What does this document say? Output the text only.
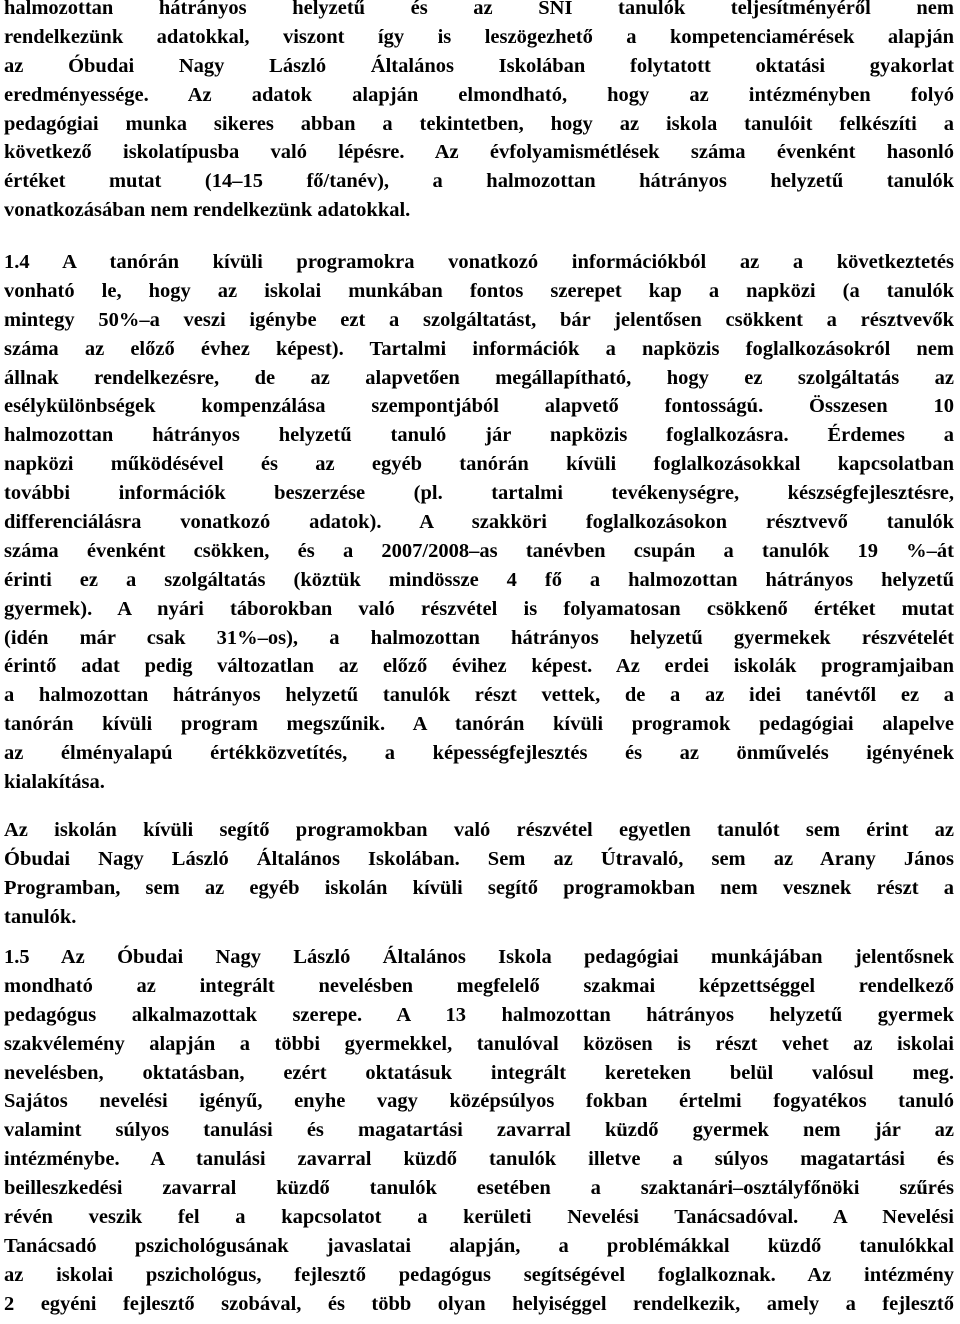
halmozottan hátrányos helyzetű és az SNI tanulók teljesítményéről nem
rendelkezünk adatokkal, viszont így is leszögezhető a kompetenciamérések alapján
az Óbudai Nagy László Általános Iskolában folytatott oktatási gyakorlat
eredményessége. Az adatok alapján elmondható, hogy az intézményben folyó
pedagógiai munka sikeres abban a tekintetben, hogy az iskola tanulóit felkészíti a
következő iskolatípusba való lépésre. Az évfolyamismétlések száma évenként hasonló
értéket mutat (14–15 fő/tanév), a halmozottan hátrányos helyzetű tanulók
vonatkozásában nem rendelkezünk adatokkal.
1.4 A tanórán kívüli programokra vonatkozó információkból az a következtetés
vonható le, hogy az iskolai munkában fontos szerepet kap a napközi (a tanulók
mintegy 50%–a veszi igénybe ezt a szolgáltatást, bár jelentősen csökkent a résztvevők
száma az előző évhez képest). Tartalmi információk a napközis foglalkozásokról nem
állnak rendelkezésre, de az alapvetően megállapítható, hogy ez szolgáltatás az
esélykülönbségek kompenzálása szempontjából alapvető fontosságú. Összesen 10
halmozottan hátrányos helyzetű tanuló jár napközis foglalkozásra. Érdemes a
napközi működésével és az egyéb tanórán kívüli foglalkozásokkal kapcsolatban
további információk beszerzése (pl. tartalmi tevékenységre, készségfejlesztésre,
differenciálásra vonatkozó adatok). A szakköri foglalkozásokon résztvevő tanulók
száma évenként csökken, és a 2007/2008–as tanévben csupán a tanulók 19 %–át
érinti ez a szolgáltatás (köztük mindössze 4 fő a halmozottan hátrányos helyzetű
gyermek). A nyári táborokban való részvétel is folyamatosan csökkenő értéket mutat
(idén már csak 31%–os), a halmozottan hátrányos helyzetű gyermekek részvételét
érintő adat pedig változatlan az előző évihez képest. Az erdei iskolák programjaiban
a halmozottan hátrányos helyzetű tanulók részt vettek, de a az idei tanévtől ez a
tanórán kívüli program megszűnik. A tanórán kívüli programok pedagógiai alapelve
az élményalapú értékközvetítés, a képességfejlesztés és az önművelés igényének
kialakítása.
Az iskolán kívüli segítő programokban való részvétel egyetlen tanulót sem érint az
Óbudai Nagy László Általános Iskolában. Sem az Útravaló, sem az Arany János
Programban, sem az egyéb iskolán kívüli segítő programokban nem vesznek részt a
tanulók.
1.5 Az Óbudai Nagy László Általános Iskola pedagógiai munkájában jelentősnek
mondható az integrált nevelésben megfelelő szakmai képzettséggel rendelkező
pedagógus alkalmazottak szerepe. A 13 halmozottan hátrányos helyzetű gyermek
szakvélemény alapján a többi gyermekkel, tanulóval közösen is részt vehet az iskolai
nevelésben, oktatásban, ezért oktatásuk integrált kereteken belül valósul meg.
Sajátos nevelési igényű, enyhe vagy középsúlyos fokban értelmi fogyatékos tanuló
valamint súlyos tanulási és magatartási zavarral küzdő gyermek nem jár az
intézménybe. A tanulási zavarral küzdő tanulók illetve a súlyos magatartási és
beilleszkedési zavarral küzdő tanulók esetében a szaktanári–osztályfőnöki szűrés
révén veszik fel a kapcsolatot a kerületi Nevelési Tanácsadóval. A Nevelési
Tanácsadó pszichológusának javaslatai alapján, a problémákkal küzdő tanulókkal
az iskolai pszichológus, fejlesztő pedagógus segítségével foglalkoznak. Az intézmény
2 egyéni fejlesztő szobával, és több olyan helyiséggel rendelkezik, amely a fejlesztő
